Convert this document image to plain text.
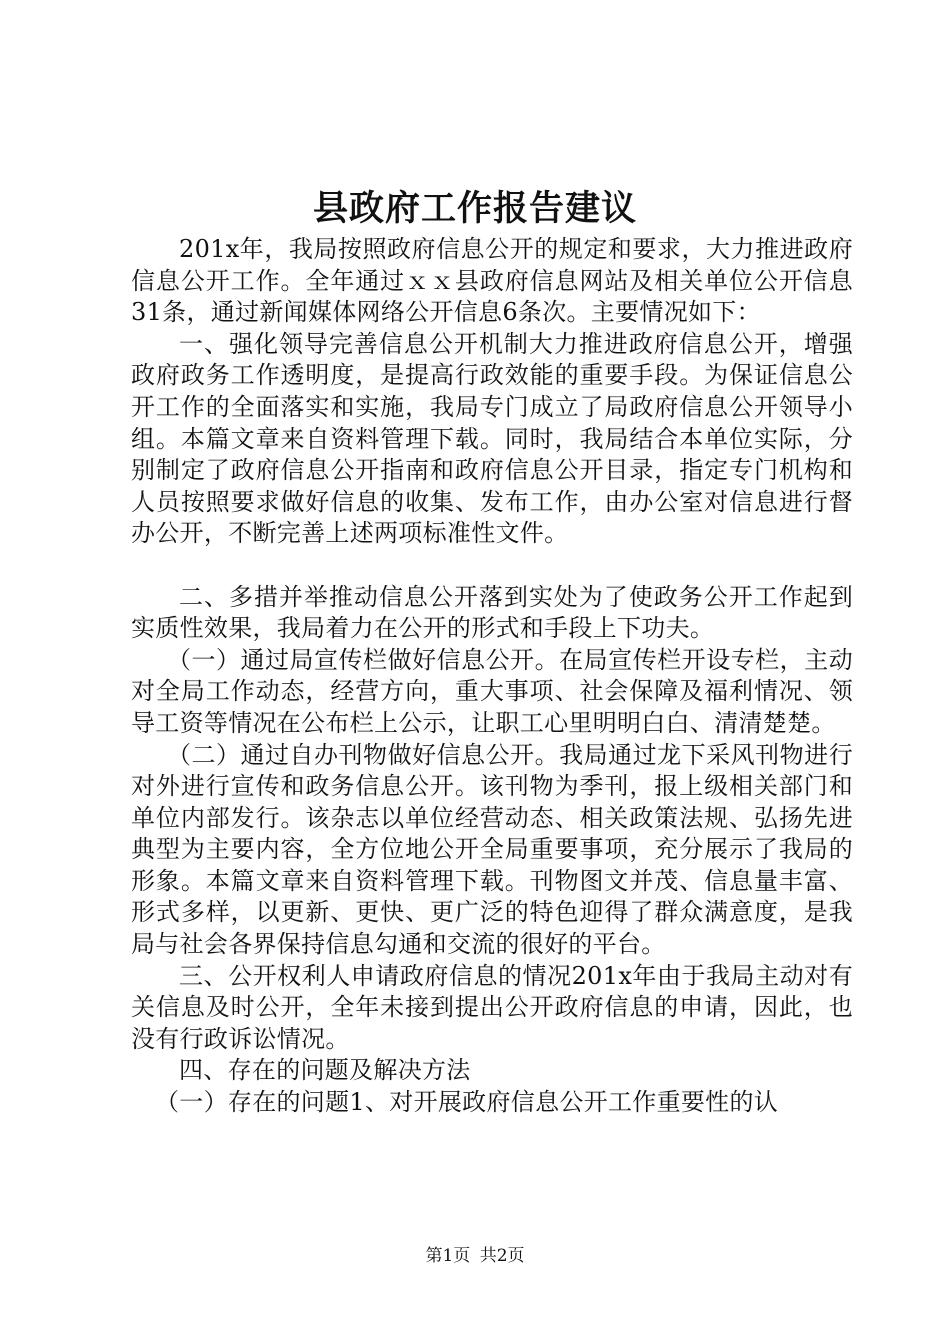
县政府工作报告建议

201x年，我局按照政府信息公开的规定和要求，大力推进政府信息公开工作。全年通过ｘｘ县政府信息网站及相关单位公开信息31条，通过新闻媒体网络公开信息6条次。主要情况如下：

一、强化领导完善信息公开机制大力推进政府信息公开，增强政府政务工作透明度，是提高行政效能的重要手段。为保证信息公开工作的全面落实和实施，我局专门成立了局政府信息公开领导小组。本篇文章来自资料管理下载。同时，我局结合本单位实际，分别制定了政府信息公开指南和政府信息公开目录，指定专门机构和人员按照要求做好信息的收集、发布工作，由办公室对信息进行督办公开，不断完善上述两项标准性文件。

二、多措并举推动信息公开落到实处为了使政务公开工作起到实质性效果，我局着力在公开的形式和手段上下功夫。

（一）通过局宣传栏做好信息公开。在局宣传栏开设专栏，主动对全局工作动态，经营方向，重大事项、社会保障及福利情况、领导工资等情况在公布栏上公示，让职工心里明明白白、清清楚楚。

（二）通过自办刊物做好信息公开。我局通过龙下采风刊物进行对外进行宣传和政务信息公开。该刊物为季刊，报上级相关部门和单位内部发行。该杂志以单位经营动态、相关政策法规、弘扬先进典型为主要内容，全方位地公开全局重要事项，充分展示了我局的形象。本篇文章来自资料管理下载。刊物图文并茂、信息量丰富、形式多样，以更新、更快、更广泛的特色迎得了群众满意度，是我局与社会各界保持信息勾通和交流的很好的平台。

三、公开权利人申请政府信息的情况201x年由于我局主动对有关信息及时公开，全年未接到提出公开政府信息的申请，因此，也没有行政诉讼情况。

四、存在的问题及解决方法

（一）存在的问题1、对开展政府信息公开工作重要性的认

第1页 共2页
